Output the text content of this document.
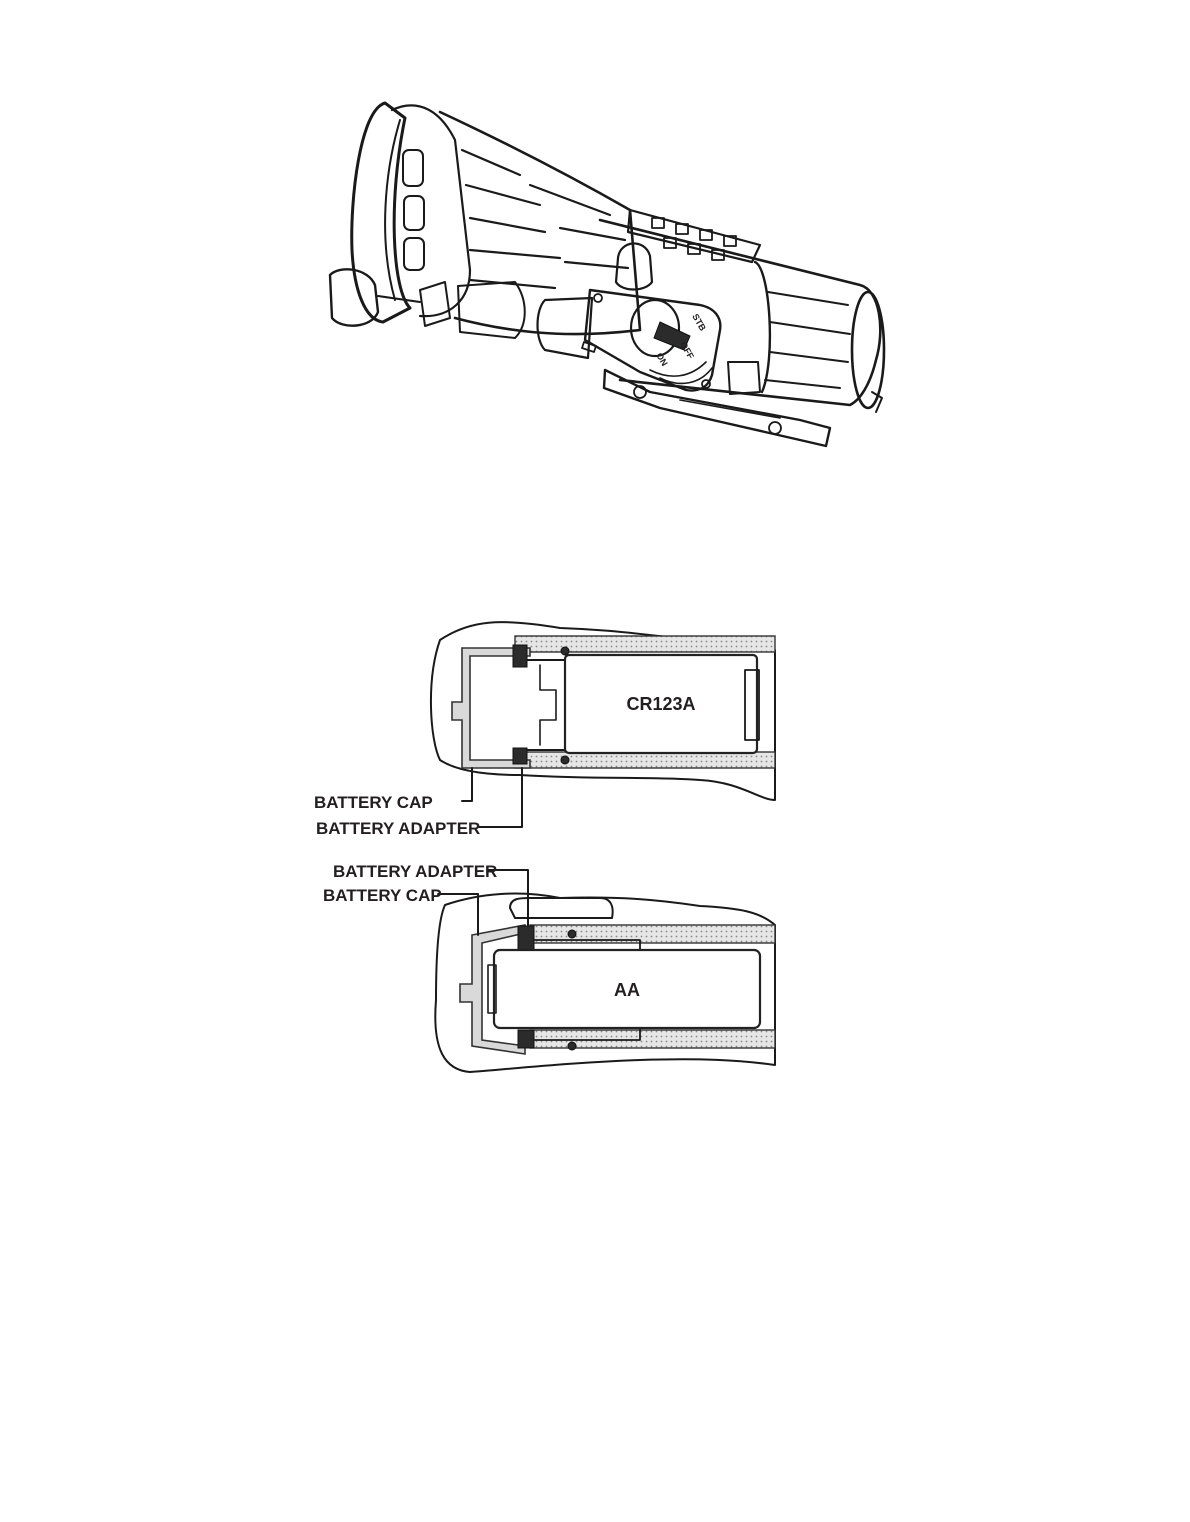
STB
OFF
ON
CR123A
BATTERY CAP
BATTERY ADAPTER
AA
BATTERY ADAPTER
BATTERY CAP
